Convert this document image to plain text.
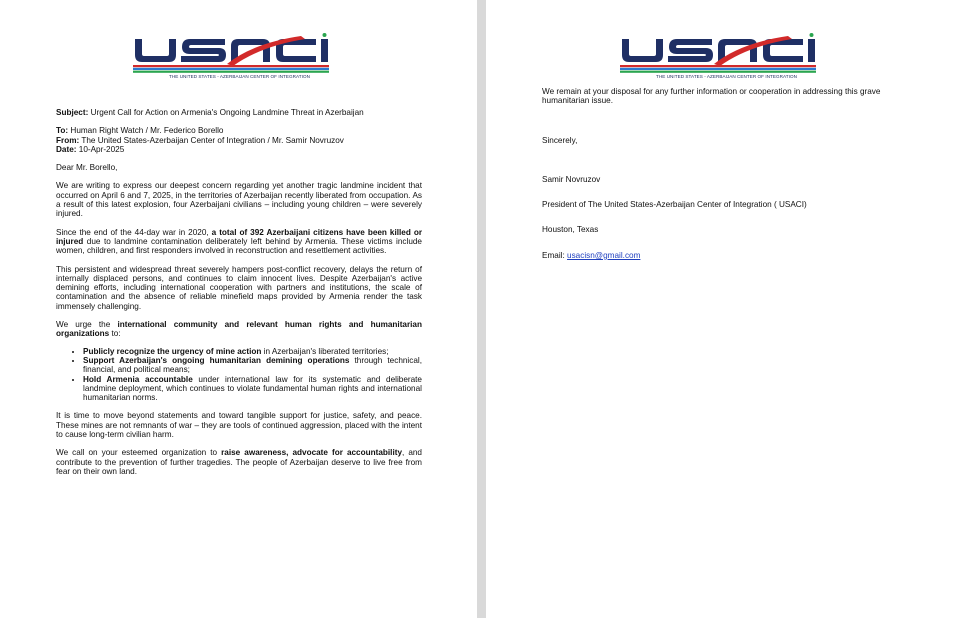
THE UNITED STATES - AZERBAIJAN CENTER OF INTEGRATION

Subject: Urgent Call for Action on Armenia's Ongoing Landmine Threat in Azerbaijan

To: Human Right Watch / Mr. Federico Borello

From: The United States-Azerbaijan Center of Integration / Mr. Samir Novruzov

Date: 10-Apr-2025

Dear Mr. Borello,

We are writing to express our deepest concern regarding yet another tragic landmine incident that occurred on April 6 and 7, 2025, in the territories of Azerbaijan recently liberated from occupation. As a result of this latest explosion, four Azerbaijani civilians – including young children – were severely injured.

Since the end of the 44-day war in 2020, a total of 392 Azerbaijani citizens have been killed or injured due to landmine contamination deliberately left behind by Armenia. These victims include women, children, and first responders involved in reconstruction and resettlement activities.

This persistent and widespread threat severely hampers post-conflict recovery, delays the return of internally displaced persons, and continues to claim innocent lives. Despite Azerbaijan's active demining efforts, including international cooperation with partners and institutions, the scale of contamination and the absence of reliable minefield maps provided by Armenia render the task immensely challenging.

We urge the international community and relevant human rights and humanitarian organizations to:

• Publicly recognize the urgency of mine action in Azerbaijan's liberated territories;
• Support Azerbaijan's ongoing humanitarian demining operations through technical, financial, and political means;
• Hold Armenia accountable under international law for its systematic and deliberate landmine deployment, which continues to violate fundamental human rights and international humanitarian norms.

It is time to move beyond statements and toward tangible support for justice, safety, and peace. These mines are not remnants of war – they are tools of continued aggression, placed with the intent to cause long-term civilian harm.

We call on your esteemed organization to raise awareness, advocate for accountability, and contribute to the prevention of further tragedies. The people of Azerbaijan deserve to live free from fear on their own land.

THE UNITED STATES - AZERBAIJAN CENTER OF INTEGRATION

We remain at your disposal for any further information or cooperation in addressing this grave humanitarian issue.

Sincerely,

Samir Novruzov

President of The United States-Azerbaijan Center of Integration ( USACI)

Houston, Texas

Email: usacisn@gmail.com
